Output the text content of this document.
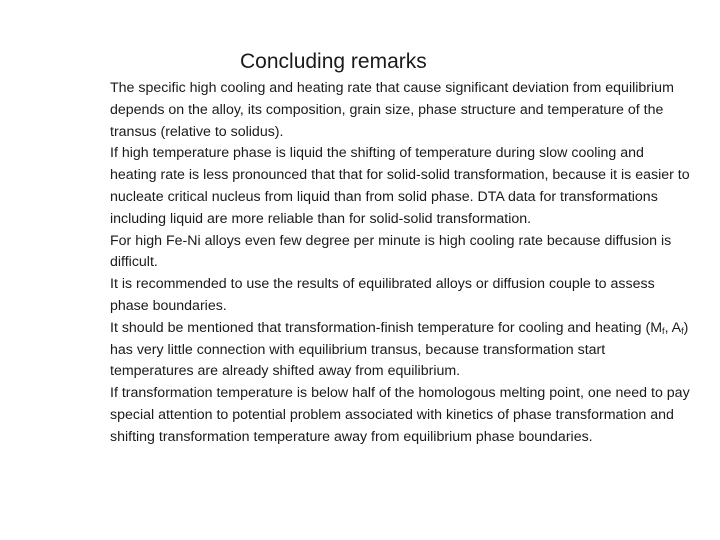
Concluding remarks

The specific high cooling and heating rate that cause significant deviation from equilibrium depends on the alloy, its composition, grain size, phase structure and temperature of the transus (relative to solidus).

If high temperature phase is liquid the shifting of temperature during slow cooling and heating rate is less pronounced that that for solid-solid transformation, because it is easier to nucleate critical nucleus from liquid than from solid phase. DTA data for transformations including liquid are more reliable than for solid-solid transformation.

For high Fe-Ni alloys even few degree per minute is high cooling rate because diffusion is difficult.

It is recommended to use the results of equilibrated alloys or diffusion couple to assess phase boundaries.

It should be mentioned that transformation-finish temperature for cooling and heating ($M_f$, $A_f$) has very little connection with equilibrium transus, because transformation start temperatures are already shifted away from equilibrium.

If transformation temperature is below half of the homologous melting point, one need to pay special attention to potential problem associated with kinetics of phase transformation and shifting transformation temperature away from equilibrium phase boundaries.
